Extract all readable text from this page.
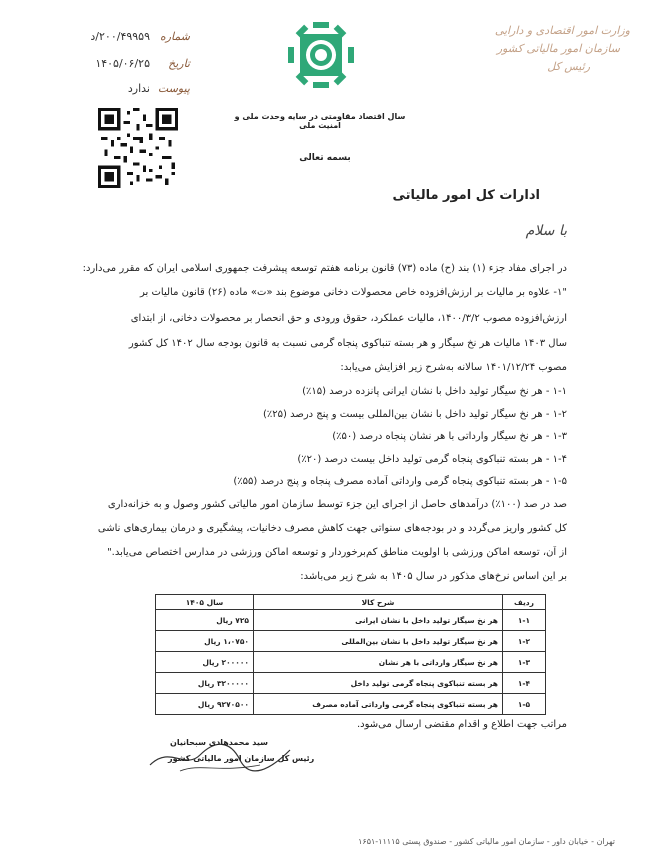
وزارت امور اقتصادی و دارایی
سازمان امور مالیاتی کشور
رئیس کل
شماره
۲۰۰/۴۹۹۵۹/د
تاریخ
۱۴۰۵/۰۶/۲۵
پیوست
ندارد
سال اقتصاد مقاومتی در سایه وحدت ملی و امنیت ملی
بسمه تعالی
ادارات کل امور مالیاتی
با سلام
در اجرای مفاد جزء (۱) بند (ح) ماده (۷۳) قانون برنامه هفتم توسعه پیشرفت جمهوری اسلامی ایران که مقرر می‌دارد:
"۱- علاوه بر مالیات بر ارزش‌افزوده خاص محصولات دخانی موضوع بند «ت» ماده (۲۶) قانون مالیات بر
ارزش‌افزوده مصوب ۱۴۰۰/۳/۲، مالیات عملکرد، حقوق ورودی و حق انحصار بر محصولات دخانی، از ابتدای
سال ۱۴۰۳ مالیات هر نخ سیگار و هر بسته تنباکوی پنجاه گرمی نسبت به قانون بودجه سال ۱۴۰۲ کل کشور
مصوب ۱۴۰۱/۱۲/۲۴ سالانه به‌شرح زیر افزایش می‌یابد:
۱-۱ - هر نخ سیگار تولید داخل با نشان ایرانی پانزده درصد (۱۵٪)
۱-۲ - هر نخ سیگار تولید داخل با نشان بین‌المللی بیست و پنج درصد (۲۵٪)
۱-۳ - هر نخ سیگار وارداتی با هر نشان پنجاه درصد (۵۰٪)
۱-۴ - هر بسته تنباکوی پنجاه گرمی تولید داخل بیست درصد (۲۰٪)
۱-۵ - هر بسته تنباکوی پنجاه گرمی وارداتی آماده مصرف پنجاه و پنج درصد (۵۵٪)
صد در صد (۱۰۰٪) درآمدهای حاصل از اجرای این جزء توسط سازمان امور مالیاتی کشور وصول و به خزانه‌داری
کل کشور واریز می‌گردد و در بودجه‌های سنواتی جهت کاهش مصرف دخانیات، پیشگیری و درمان بیماری‌های ناشی
از آن، توسعه اماکن ورزشی با اولویت مناطق کم‌برخوردار و توسعه اماکن ورزشی در مدارس اختصاص می‌یابد."
بر این اساس نرخ‌های مذکور در سال ۱۴۰۵ به شرح زیر می‌باشد:
ردیف	شرح کالا	سال ۱۴۰۵
۱-۱	هر نخ سیگار تولید داخل با نشان ایرانی	۷۲۵ ریال
۱-۲	هر نخ سیگار تولید داخل با نشان بین‌المللی	۱،۰۷۵۰ ریال
۱-۳	هر نخ سیگار وارداتی با هر نشان	۲۰۰۰۰۰ ریال
۱-۴	هر بسته تنباکوی پنجاه گرمی تولید داخل	۳۲۰۰۰۰۰ ریال
۱-۵	هر بسته تنباکوی پنجاه گرمی وارداتی آماده مصرف	۹۲۷۰۵۰۰ ریال
مراتب جهت اطلاع و اقدام مقتضی ارسال می‌شود.
سید محمدهادی سبحانیان
رئیس کل سازمان امور مالیاتی کشور
تهران - خیابان داور - سازمان امور مالیاتی کشور - صندوق پستی ۱۱۱۱۵-۱۶۵۱
